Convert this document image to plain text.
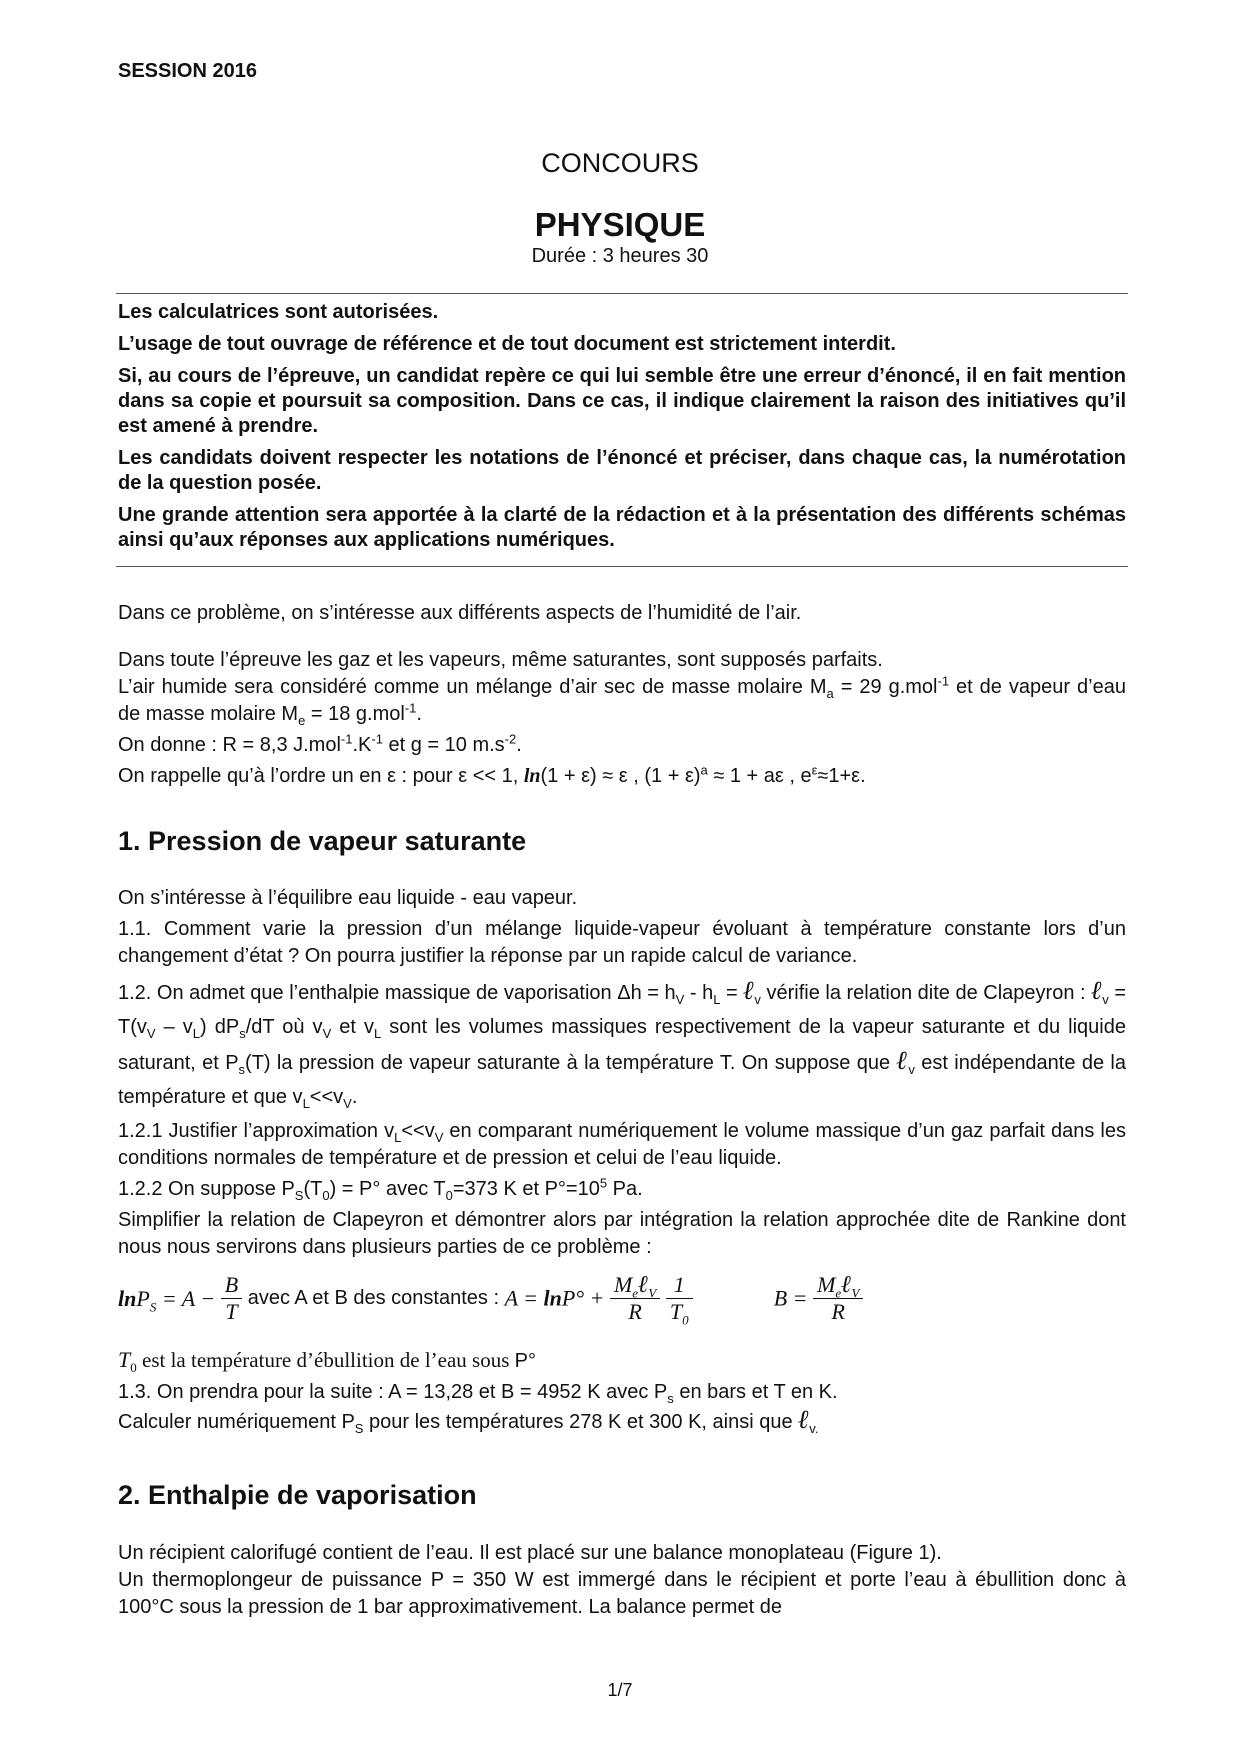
SESSION 2016
CONCOURS
PHYSIQUE
Durée : 3 heures 30

Les calculatrices sont autorisées.

L’usage de tout ouvrage de référence et de tout document est strictement interdit.

Si, au cours de l’épreuve, un candidat repère ce qui lui semble être une erreur d’énoncé, il en fait mention dans sa copie et poursuit sa composition. Dans ce cas, il indique clairement la raison des initiatives qu’il est amené à prendre.

Les candidats doivent respecter les notations de l’énoncé et préciser, dans chaque cas, la numérotation de la question posée.

Une grande attention sera apportée à la clarté de la rédaction et à la présentation des différents schémas ainsi qu’aux réponses aux applications numériques.

Dans ce problème, on s’intéresse aux différents aspects de l’humidité de l’air.

Dans toute l’épreuve les gaz et les vapeurs, même saturantes, sont supposés parfaits.

L’air humide sera considéré comme un mélange d’air sec de masse molaire $M_a = 29$ g.mol$^{-1}$ et de vapeur d’eau de masse molaire $M_e = 18$ g.mol$^{-1}$.

On donne : R = 8,3 $J.mol^{-1}.K^{-1}$ et g = 10 $m.s^{-2}$.

On rappelle qu’à l’ordre un en ε : pour ε << 1, ln(1 + ε) ≈ ε , $(1 + \varepsilon)^a \approx 1 + a\varepsilon$ , $e^\varepsilon\approx 1+\varepsilon$.

1. Pression de vapeur saturante

On s’intéresse à l’équilibre eau liquide - eau vapeur.

1.1. Comment varie la pression d’un mélange liquide-vapeur évoluant à température constante lors d’un changement d’état ? On pourra justifier la réponse par un rapide calcul de variance.

1.2. On admet que l’enthalpie massique de vaporisation $\Delta h = h_V - h_L$ = ℓ$_v$ vérifie la relation dite de Clapeyron : ℓ$_v$ = $T(v_V - v_L)$ $dP_s/dT$ où $v_V$ et $v_L$ sont les volumes massiques respectivement de la vapeur saturante et du liquide saturant, et $P_s(T)$ la pression de vapeur saturante à la température T. On suppose que ℓ$_v$ est indépendante de la température et que $v_L<<v_V$.

1.2.1 Justifier l’approximation $v_L<<v_V$ en comparant numériquement le volume massique d’un gaz parfait dans les conditions normales de température et de pression et celui de l’eau liquide.

1.2.2 On suppose $P_S(T_0) = P^\circ$ avec $T_0=373$ K et $P^\circ=10^5$ Pa.

Simplifier la relation de Clapeyron et démontrer alors par intégration la relation approchée dite de Rankine dont nous nous servirons dans plusieurs parties de ce problème :

$\ln P_S = A - \frac{B}{T}$ avec A et B des constantes : $A = \ln P^\circ + \frac{M_e\ell_V}{R}$
$\frac{1}{T_0}$	$B = \frac{M_e\ell_V}{R}$

$T_0$ est la température d’ébullition de l’eau sous P°

1.3. On prendra pour la suite : A = 13,28 et B = 4952 K avec $P_s$ en bars et T en K.

Calculer numériquement $P_S$ pour les températures 278 K et 300 K, ainsi que ℓ$_{v.}$

2. Enthalpie de vaporisation

Un récipient calorifugé contient de l’eau. Il est placé sur une balance monoplateau (Figure 1).

Un thermoplongeur de puissance P = 350 W est immergé dans le récipient et porte l’eau à ébullition donc à 100°C sous la pression de 1 bar approximativement. La balance permet de

1/7
